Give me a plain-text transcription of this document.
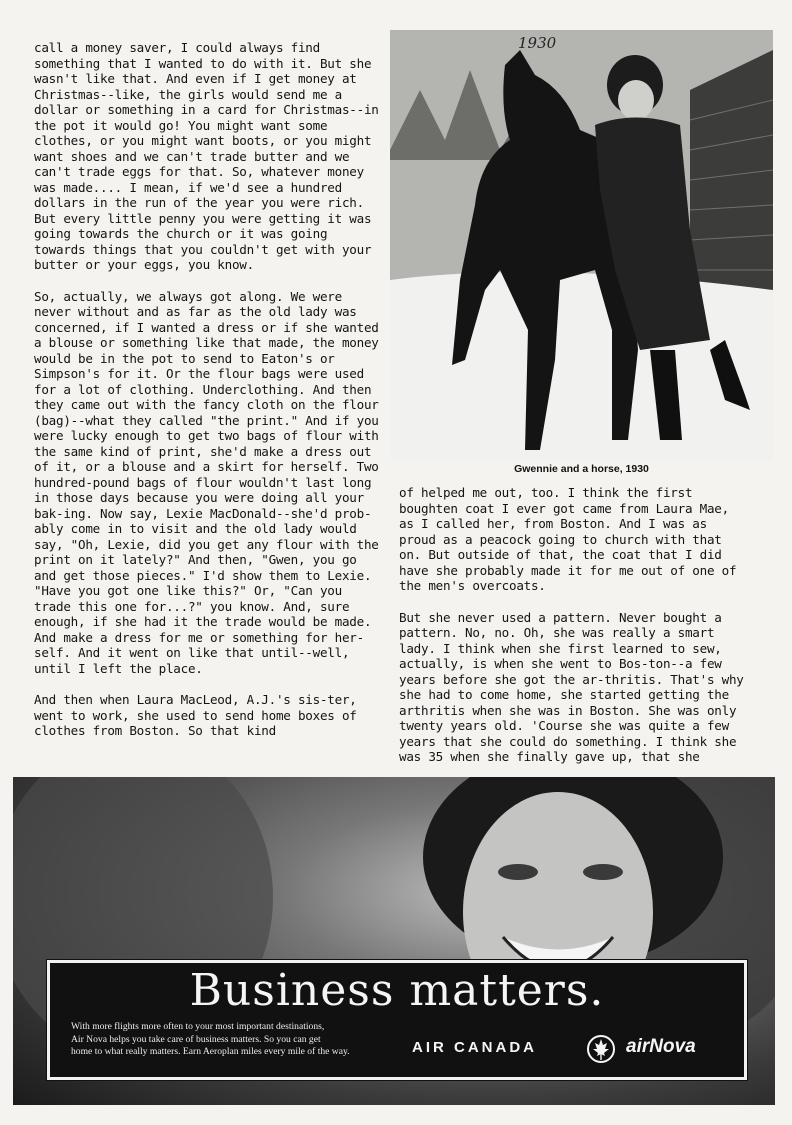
call a money saver, I could always find something that I wanted to do with it. But she wasn't like that. And even if I get money at Christmas--like, the girls would send me a dollar or something in a card for Christmas--in the pot it would go! You might want some clothes, or you might want boots, or you might want shoes and we can't trade butter and we can't trade eggs for that. So, whatever money was made.... I mean, if we'd see a hundred dollars in the run of the year you were rich. But every little penny you were getting it was going towards the church or it was going towards things that you couldn't get with your butter or your eggs, you know.

So, actually, we always got along. We were never without and as far as the old lady was concerned, if I wanted a dress or if she wanted a blouse or something like that made, the money would be in the pot to send to Eaton's or Simpson's for it. Or the flour bags were used for a lot of clothing. Underclothing. And then they came out with the fancy cloth on the flour (bag)--what they called "the print." And if you were lucky enough to get two bags of flour with the same kind of print, she'd make a dress out of it, or a blouse and a skirt for herself. Two hundred-pound bags of flour wouldn't last long in those days because you were doing all your bak-ing. Now say, Lexie MacDonald--she'd prob-ably come in to visit and the old lady would say, "Oh, Lexie, did you get any flour with the print on it lately?" And then, "Gwen, you go and get those pieces." I'd show them to Lexie. "Have you got one like this?" Or, "Can you trade this one for...?" you know. And, sure enough, if she had it the trade would be made. And make a dress for me or something for her-self. And it went on like that until--well, until I left the place.

And then when Laura MacLeod, A.J.'s sis-ter, went to work, she used to send home boxes of clothes from Boston. So that kind

1930
Gwennie and a horse, 1930

of helped me out, too. I think the first boughten coat I ever got came from Laura Mae, as I called her, from Boston. And I was as proud as a peacock going to church with that on. But outside of that, the coat that I did have she probably made it for me out of one of the men's overcoats.

But she never used a pattern. Never bought a pattern. No, no. Oh, she was really a smart lady. I think when she first learned to sew, actually, is when she went to Bos-ton--a few years before she got the ar-thritis. That's why she had to come home, she started getting the arthritis when she was in Boston. She was only twenty years old. 'Course she was quite a few years that she could do something. I think she was 35 when she finally gave up, that she

Business matters.
With more flights more often to your most important destinations,
Air Nova helps you take care of business matters. So you can get
home to what really matters. Earn Aeroplan miles every mile of the way.	AIR CANADA	airNova
